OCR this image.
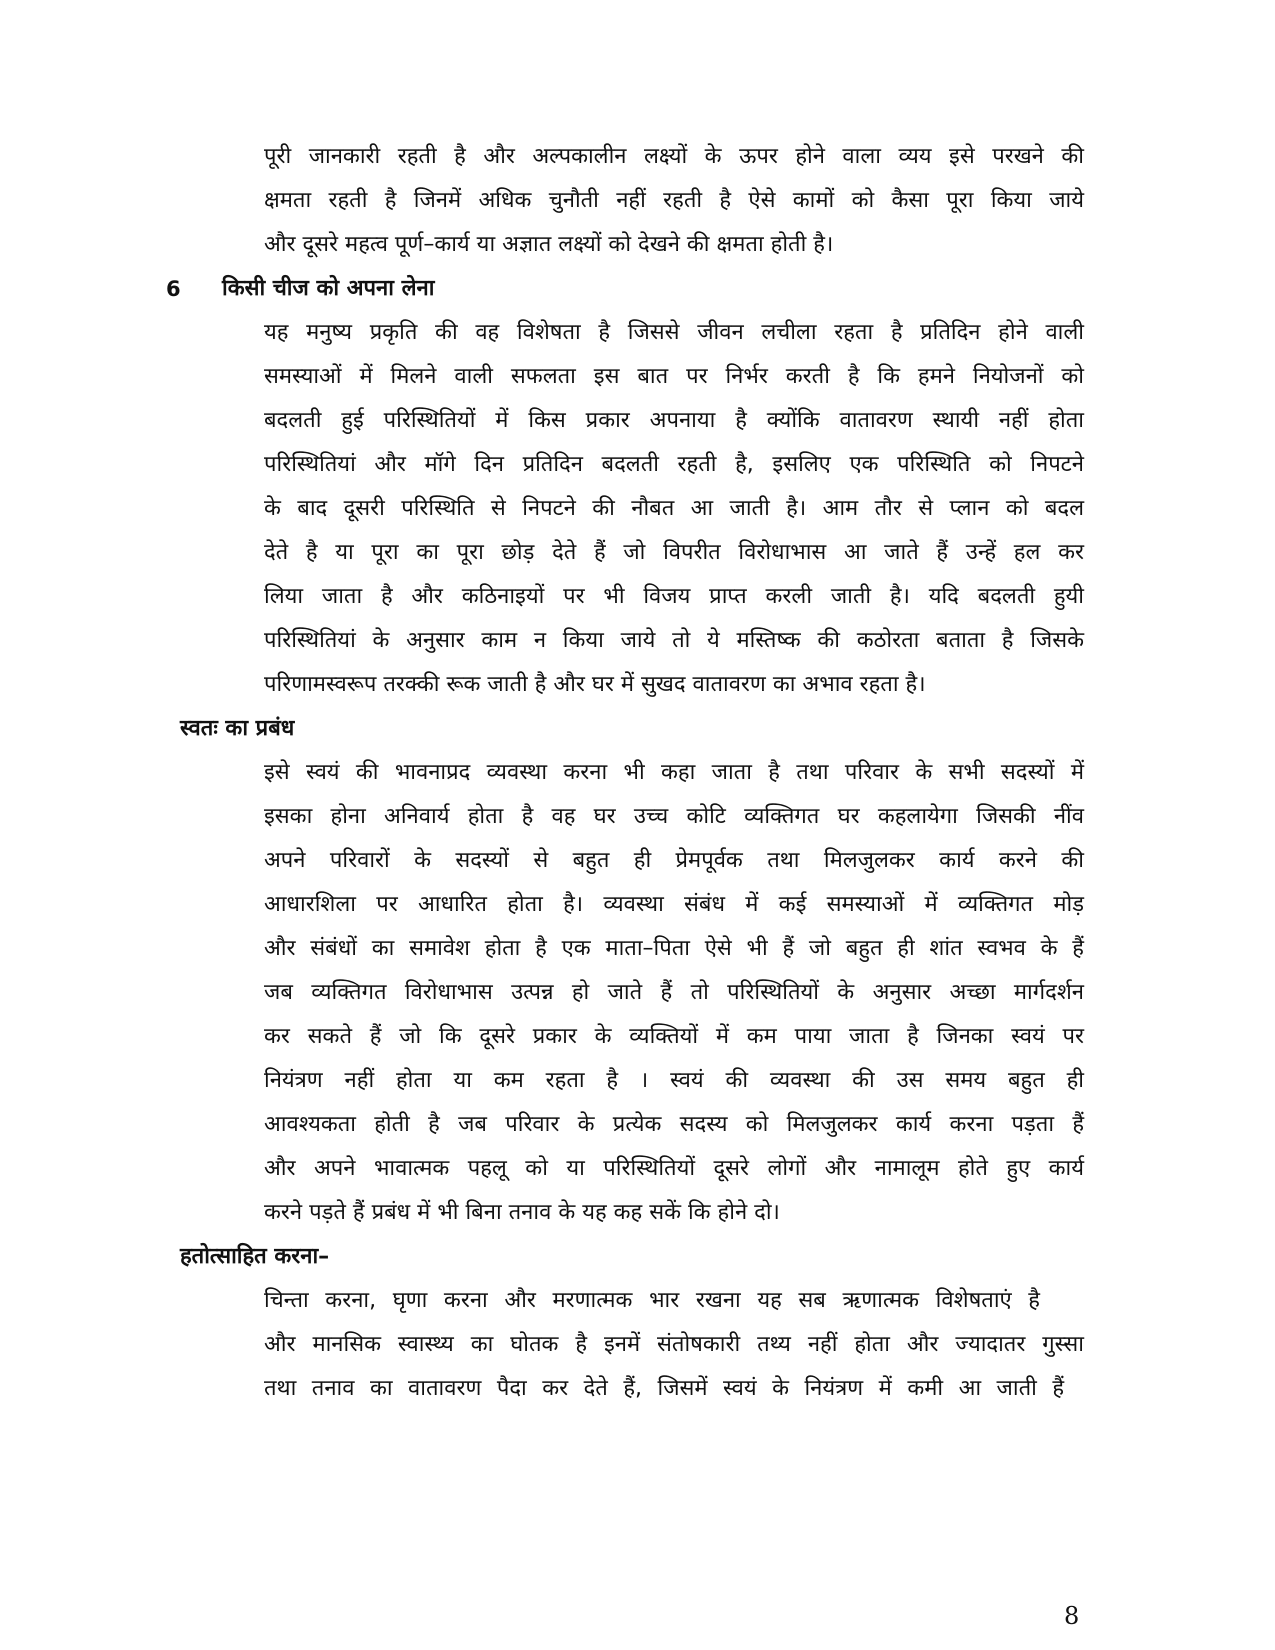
पूरी जानकारी रहती है और अल्पकालीन लक्ष्यों के ऊपर होने वाला व्यय इसे परखने की
क्षमता रहती है जिनमें अधिक चुनौती नहीं रहती है ऐसे कामों को कैसा पूरा किया जाये
और दूसरे महत्व पूर्ण–कार्य या अज्ञात लक्ष्यों को देखने की क्षमता होती है।
6 किसी चीज को अपना लेना
यह मनुष्य प्रकृति की वह विशेषता है जिससे जीवन लचीला रहता है प्रतिदिन होने वाली
समस्याओं में मिलने वाली सफलता इस बात पर निर्भर करती है कि हमने नियोजनों को
बदलती हुई परिस्थितियों में किस प्रकार अपनाया है क्योंकि वातावरण स्थायी नहीं होता
परिस्थितियां और मॉगे दिन प्रतिदिन बदलती रहती है, इसलिए एक परिस्थिति को निपटने
के बाद दूसरी परिस्थिति से निपटने की नौबत आ जाती है। आम तौर से प्लान को बदल
देते है या पूरा का पूरा छोड़ देते हैं जो विपरीत विरोधाभास आ जाते हैं उन्हें हल कर
लिया जाता है और कठिनाइयों पर भी विजय प्राप्त करली जाती है। यदि बदलती हुयी
परिस्थितियां के अनुसार काम न किया जाये तो ये मस्तिष्क की कठोरता बताता है जिसके
परिणामस्वरूप तरक्की रूक जाती है और घर में सुखद वातावरण का अभाव रहता है।
स्वतः का प्रबंध
इसे स्वयं की भावनाप्रद व्यवस्था करना भी कहा जाता है तथा परिवार के सभी सदस्यों में
इसका होना अनिवार्य होता है वह घर उच्च कोटि व्यक्तिगत घर कहलायेगा जिसकी नींव
अपने परिवारों के सदस्यों से बहुत ही प्रेमपूर्वक तथा मिलजुलकर कार्य करने की
आधारशिला पर आधारित होता है। व्यवस्था संबंध में कई समस्याओं में व्यक्तिगत मोड़
और संबंधों का समावेश होता है एक माता–पिता ऐसे भी हैं जो बहुत ही शांत स्वभव के हैं
जब व्यक्तिगत विरोधाभास उत्पन्न हो जाते हैं तो परिस्थितियों के अनुसार अच्छा मार्गदर्शन
कर सकते हैं जो कि दूसरे प्रकार के व्यक्तियों में कम पाया जाता है जिनका स्वयं पर
नियंत्रण नहीं होता या कम रहता है । स्वयं की व्यवस्था की उस समय बहुत ही
आवश्यकता होती है जब परिवार के प्रत्येक सदस्य को मिलजुलकर कार्य करना पड़ता हैं
और अपने भावात्मक पहलू को या परिस्थितियों दूसरे लोगों और नामालूम होते हुए कार्य
करने पड़ते हैं प्रबंध में भी बिना तनाव के यह कह सकें कि होने दो।
हतोत्साहित करना–
चिन्ता करना, घृणा करना और मरणात्मक भार रखना यह सब ऋणात्मक विशेषताएं है
और मानसिक स्वास्थ्य का घोतक है इनमें संतोषकारी तथ्य नहीं होता और ज्यादातर गुस्सा
तथा तनाव का वातावरण पैदा कर देते हैं, जिसमें स्वयं के नियंत्रण में कमी आ जाती हैं
8
